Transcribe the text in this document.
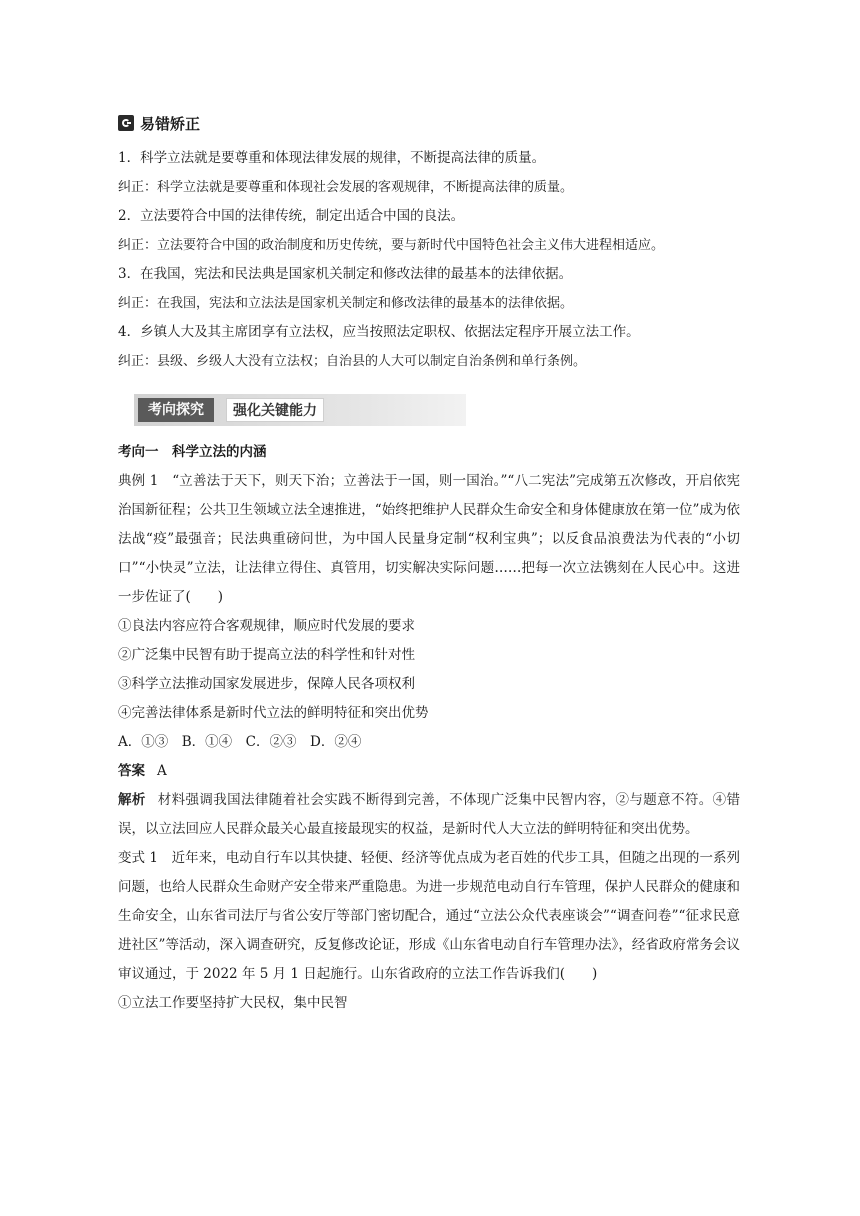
易错矫正
1．科学立法就是要尊重和体现法律发展的规律，不断提高法律的质量。
纠正：科学立法就是要尊重和体现社会发展的客观规律，不断提高法律的质量。
2．立法要符合中国的法律传统，制定出适合中国的良法。
纠正：立法要符合中国的政治制度和历史传统，要与新时代中国特色社会主义伟大进程相适应。
3．在我国，宪法和民法典是国家机关制定和修改法律的最基本的法律依据。
纠正：在我国，宪法和立法法是国家机关制定和修改法律的最基本的法律依据。
4．乡镇人大及其主席团享有立法权，应当按照法定职权、依据法定程序开展立法工作。
纠正：县级、乡级人大没有立法权；自治县的人大可以制定自治条例和单行条例。
考向探究	强化关键能力
考向一　科学立法的内涵
典例 1　 “立善法于天下，则天下治；立善法于一国，则一国治。”“八二宪法”完成第五次修改，开启依宪治国新征程；公共卫生领域立法全速推进，“始终把维护人民群众生命安全和身体健康放在第一位”成为依法战“疫”最强音；民法典重磅问世，为中国人民量身定制“权利宝典”；以反食品浪费法为代表的“小切口”“小快灵”立法，让法律立得住、真管用，切实解决实际问题……把每一次立法镌刻在人民心中。这进一步佐证了(　　)
①良法内容应符合客观规律，顺应时代发展的要求
②广泛集中民智有助于提高立法的科学性和针对性
③科学立法推动国家发展进步，保障人民各项权利
④完善法律体系是新时代立法的鲜明特征和突出优势
A．①③　B．①④　C．②③　D．②④
答案 A
解析 材料强调我国法律随着社会实践不断得到完善，不体现广泛集中民智内容，②与题意不符。④错误，以立法回应人民群众最关心最直接最现实的权益，是新时代人大立法的鲜明特征和突出优势。
变式 1　 近年来，电动自行车以其快捷、轻便、经济等优点成为老百姓的代步工具，但随之出现的一系列问题，也给人民群众生命财产安全带来严重隐患。为进一步规范电动自行车管理，保护人民群众的健康和生命安全，山东省司法厅与省公安厅等部门密切配合，通过“立法公众代表座谈会”“调查问卷”“征求民意进社区”等活动，深入调查研究，反复修改论证，形成《山东省电动自行车管理办法》，经省政府常务会议审议通过，于 2022 年 5 月 1 日起施行。山东省政府的立法工作告诉我们(　　)
①立法工作要坚持扩大民权，集中民智
